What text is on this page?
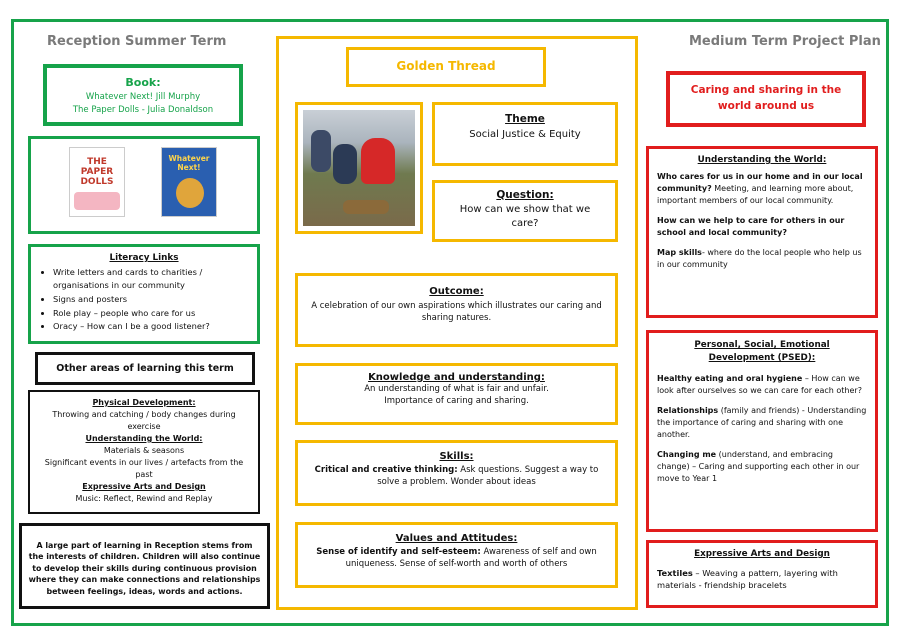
Reception Summer Term	Medium Term Project Plan
Book:
Whatever Next! Jill Murphy
The Paper Dolls - Julia Donaldson
THE PAPER DOLLS
Whatever Next!
Literacy Links
• Write letters and cards to charities / organisations in our community
• Signs and posters
• Role play – people who care for us
• Oracy – How can I be a good listener?
Other areas of learning this term
Physical Development:
Throwing and catching / body changes during exercise
Understanding the World:
Materials & seasons
Significant events in our lives / artefacts from the past
Expressive Arts and Design
Music: Reflect, Rewind and Replay
A large part of learning in Reception stems from the interests of children. Children will also continue to develop their skills during continuous provision where they can make connections and relationships between feelings, ideas, words and actions.
Golden Thread
Theme
Social Justice & Equity
Question:
How can we show that we care?
Outcome:
A celebration of our own aspirations which illustrates our caring and sharing natures.
Knowledge and understanding:
An understanding of what is fair and unfair.
Importance of caring and sharing.
Skills:
Critical and creative thinking: Ask questions. Suggest a way to solve a problem. Wonder about ideas
Values and Attitudes:
Sense of identify and self-esteem: Awareness of self and own uniqueness. Sense of self-worth and worth of others
Caring and sharing in the world around us
Understanding the World:
Who cares for us in our home and in our local community? Meeting, and learning more about, important members of our local community.
How can we help to care for others in our school and local community?
Map skills- where do the local people who help us in our community
Personal, Social, Emotional Development (PSED):
Healthy eating and oral hygiene – How can we look after ourselves so we can care for each other?
Relationships (family and friends) - Understanding the importance of caring and sharing with one another.
Changing me (understand, and embracing change) – Caring and supporting each other in our move to Year 1
Expressive Arts and Design
Textiles – Weaving a pattern, layering with materials - friendship bracelets
